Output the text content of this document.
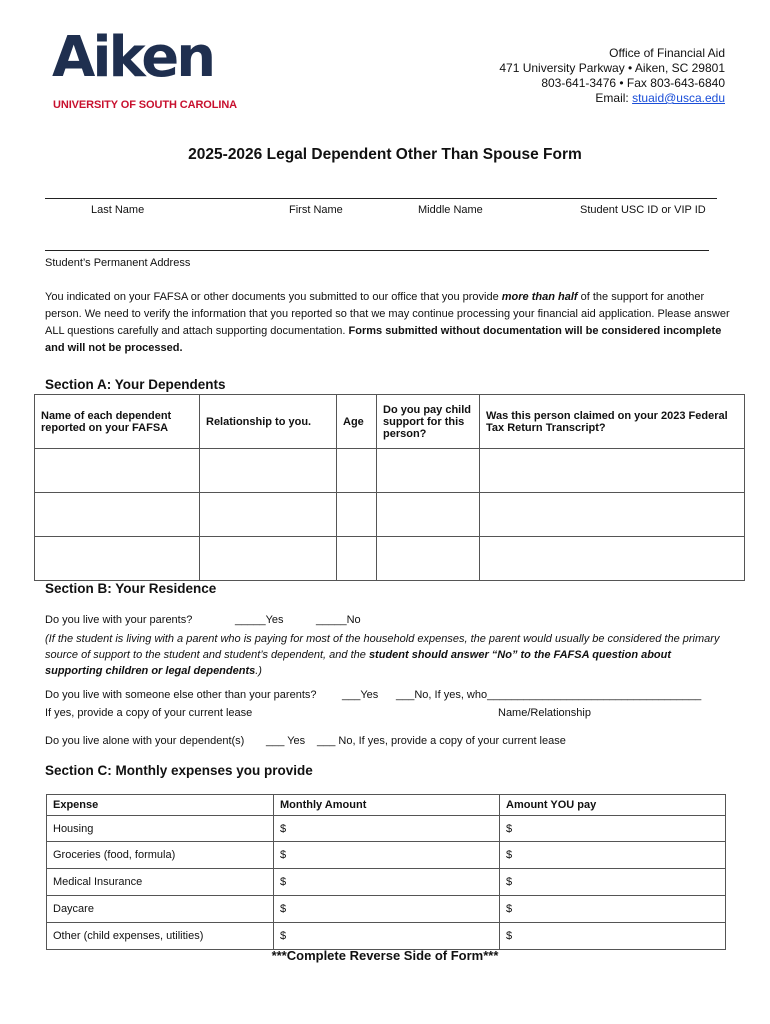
Aiken
UNIVERSITY OF SOUTH CAROLINA
Office of Financial Aid
471 University Parkway • Aiken, SC 29801
803-641-3476 • Fax 803-643-6840
Email: stuaid@usca.edu
2025-2026 Legal Dependent Other Than Spouse Form
Last Name	First Name	Middle Name	Student USC ID or VIP ID
Student’s Permanent Address
You indicated on your FAFSA or other documents you submitted to our office that you provide more than half of the support for another person. We need to verify the information that you reported so that we may continue processing your financial aid application. Please answer ALL questions carefully and attach supporting documentation. Forms submitted without documentation will be considered incomplete and will not be processed.
Section A: Your Dependents
Name of each dependent reported on your FAFSA	Relationship to you.	Age	Do you pay child support for this person?	Was this person claimed on your 2023 Federal Tax Return Transcript?

Section B: Your Residence
Do you live with your parents?	_____Yes	_____No
(If the student is living with a parent who is paying for most of the household expenses, the parent would usually be considered the primary source of support to the student and student’s dependent, and the student should answer “No” to the FAFSA question about supporting children or legal dependents.)
Do you live with someone else other than your parents? ___Yes ___No, If yes, who___________________________________
If yes, provide a copy of your current lease	Name/Relationship
Do you live alone with your dependent(s) ___ Yes ___ No, If yes, provide a copy of your current lease
Section C: Monthly expenses you provide
Expense	Monthly Amount	Amount YOU pay
Housing	$	$
Groceries (food, formula)	$	$
Medical Insurance	$	$
Daycare	$	$
Other (child expenses, utilities)	$	$
***Complete Reverse Side of Form***
